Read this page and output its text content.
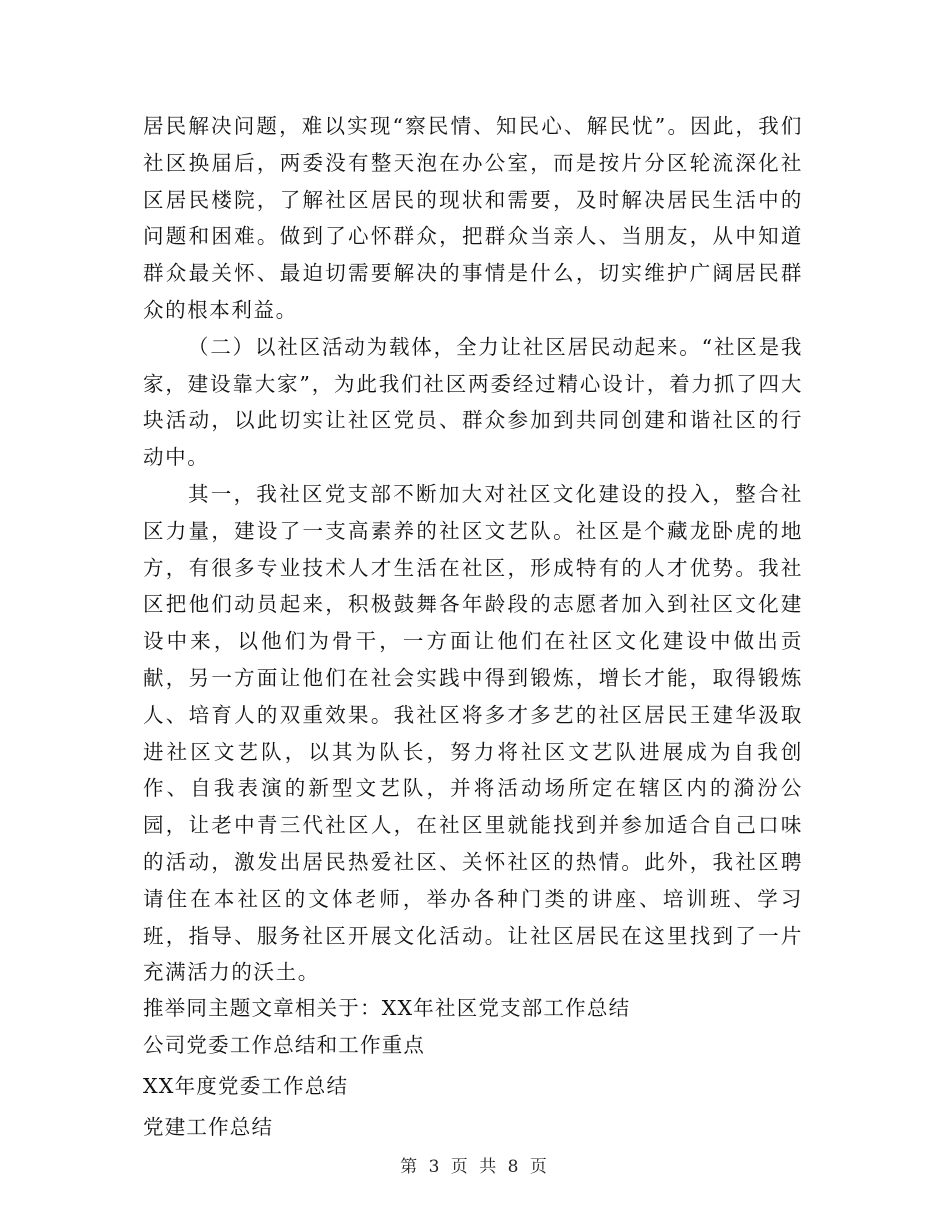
居民解决问题，难以实现“察民情、知民心、解民忧”。因此，我们社区换届后，两委没有整天泡在办公室，而是按片分区轮流深化社区居民楼院，了解社区居民的现状和需要，及时解决居民生活中的问题和困难。做到了心怀群众，把群众当亲人、当朋友，从中知道群众最关怀、最迫切需要解决的事情是什么，切实维护广阔居民群众的根本利益。

（二）以社区活动为载体，全力让社区居民动起来。“社区是我家，建设靠大家”，为此我们社区两委经过精心设计，着力抓了四大块活动，以此切实让社区党员、群众参加到共同创建和谐社区的行动中。

其一，我社区党支部不断加大对社区文化建设的投入，整合社区力量，建设了一支高素养的社区文艺队。社区是个藏龙卧虎的地方，有很多专业技术人才生活在社区，形成特有的人才优势。我社区把他们动员起来，积极鼓舞各年龄段的志愿者加入到社区文化建设中来，以他们为骨干，一方面让他们在社区文化建设中做出贡献，另一方面让他们在社会实践中得到锻炼，增长才能，取得锻炼人、培育人的双重效果。我社区将多才多艺的社区居民王建华汲取进社区文艺队，以其为队长，努力将社区文艺队进展成为自我创作、自我表演的新型文艺队，并将活动场所定在辖区内的漪汾公园，让老中青三代社区人，在社区里就能找到并参加适合自己口味的活动，激发出居民热爱社区、关怀社区的热情。此外，我社区聘请住在本社区的文体老师，举办各种门类的讲座、培训班、学习班，指导、服务社区开展文化活动。让社区居民在这里找到了一片充满活力的沃土。

推举同主题文章相关于：XX年社区党支部工作总结

公司党委工作总结和工作重点

XX年度党委工作总结

党建工作总结

第 3 页 共 8 页
